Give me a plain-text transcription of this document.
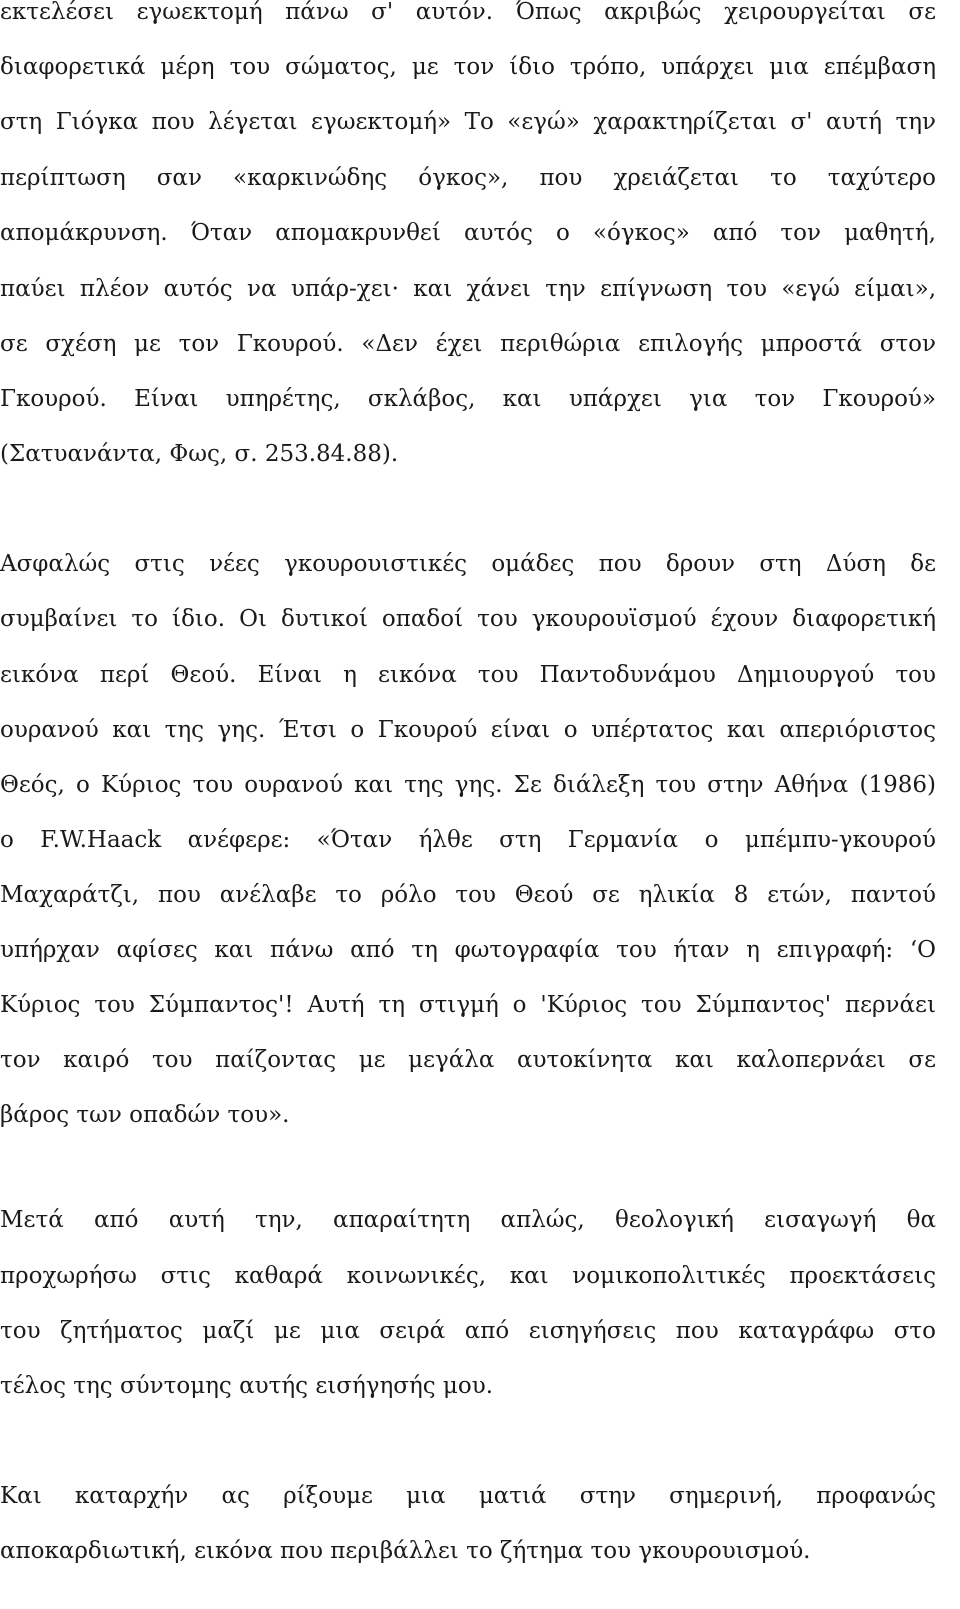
εκτελέσει εγωεκτομή πάνω σ' αυτόν. Όπως ακριβώς χειρουργείται σε
διαφορετικά μέρη του σώματος, με τον ίδιο τρόπο, υπάρχει μια επέμβαση
στη Γιόγκα που λέγεται εγωεκτομή» Το «εγώ» χαρακτηρίζεται σ' αυτή την
περίπτωση σαν «καρκινώδης όγκος», που χρειάζεται το ταχύτερο
απομάκρυνση. Όταν απομακρυνθεί αυτός ο «όγκος» από τον μαθητή,
παύει πλέον αυτός να υπάρ-χει· και χάνει την επίγνωση του «εγώ είμαι»,
σε σχέση με τον Γκουρού. «Δεν έχει περιθώρια επιλογής μπροστά στον
Γκουρού. Είναι υπηρέτης, σκλάβος, και υπάρχει για τον Γκουρού»
(Σατυανάντα, Φως, σ. 253.84.88).
Ασφαλώς στις νέες γκουρουιστικές ομάδες που δρουν στη Δύση δε
συμβαίνει το ίδιο. Οι δυτικοί οπαδοί του γκουρουϊσμού έχουν διαφορετική
εικόνα περί Θεού. Είναι η εικόνα του Παντοδυνάμου Δημιουργού του
ουρανού και της γης. Έτσι ο Γκουρού είναι ο υπέρτατος και απεριόριστος
Θεός, ο Κύριος του ουρανού και της γης. Σε διάλεξη του στην Αθήνα (1986)
ο F.W.Haack ανέφερε: «Όταν ήλθε στη Γερμανία ο μπέμπυ-γκουρού
Μαχαράτζι, που ανέλαβε το ρόλο του Θεού σε ηλικία 8 ετών, παντού
υπήρχαν αφίσες και πάνω από τη φωτογραφία του ήταν η επιγραφή: ‘Ο
Κύριος του Σύμπαντος'! Αυτή τη στιγμή ο 'Κύριος του Σύμπαντος' περνάει
τον καιρό του παίζοντας με μεγάλα αυτοκίνητα και καλοπερνάει σε
βάρος των οπαδών του».
Μετά από αυτή την, απαραίτητη απλώς, θεολογική εισαγωγή θα
προχωρήσω στις καθαρά κοινωνικές, και νομικοπολιτικές προεκτάσεις
του ζητήματος μαζί με μια σειρά από εισηγήσεις που καταγράφω στο
τέλος της σύντομης αυτής εισήγησής μου.
Και καταρχήν ας ρίξουμε μια ματιά στην σημερινή, προφανώς
αποκαρδιωτική, εικόνα που περιβάλλει το ζήτημα του γκουρουισμού.
